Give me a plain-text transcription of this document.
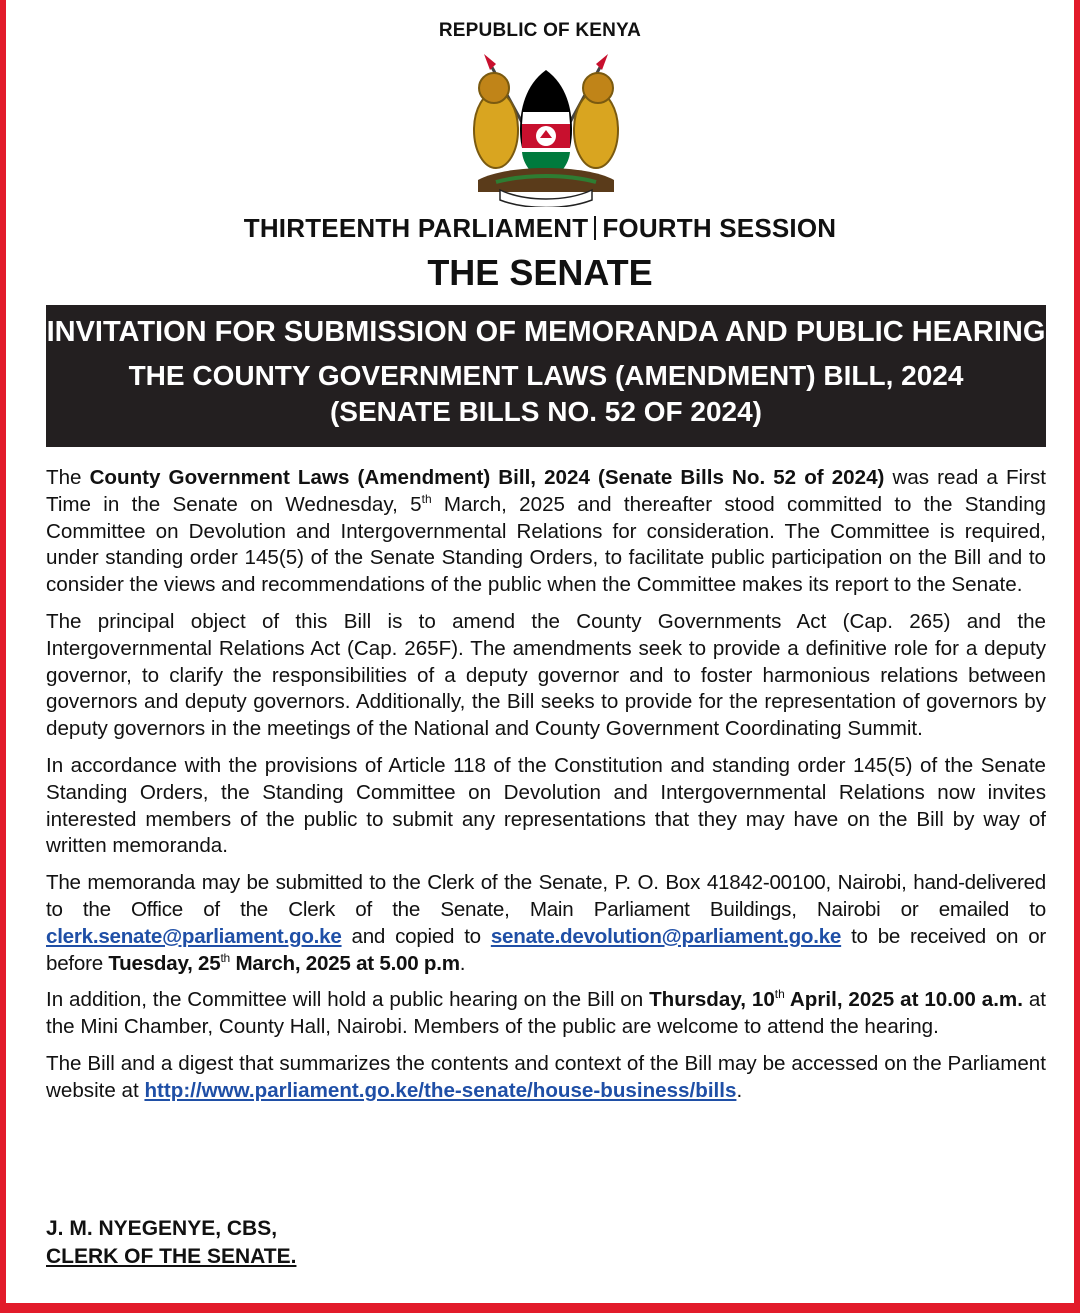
REPUBLIC OF KENYA
THIRTEENTH PARLIAMENT FOURTH SESSION
THE SENATE
INVITATION FOR SUBMISSION OF MEMORANDA AND PUBLIC HEARING
THE COUNTY GOVERNMENT LAWS (AMENDMENT) BILL, 2024
(SENATE BILLS NO. 52 OF 2024)

The County Government Laws (Amendment) Bill, 2024 (Senate Bills No. 52 of 2024) was read a First Time in the Senate on Wednesday, 5th March, 2025 and thereafter stood committed to the Standing Committee on Devolution and Intergovernmental Relations for consideration. The Committee is required, under standing order 145(5) of the Senate Standing Orders, to facilitate public participation on the Bill and to consider the views and recommendations of the public when the Committee makes its report to the Senate.

The principal object of this Bill is to amend the County Governments Act (Cap. 265) and the Intergovernmental Relations Act (Cap. 265F). The amendments seek to provide a definitive role for a deputy governor, to clarify the responsibilities of a deputy governor and to foster harmonious relations between governors and deputy governors. Additionally, the Bill seeks to provide for the representation of governors by deputy governors in the meetings of the National and County Government Coordinating Summit.

In accordance with the provisions of Article 118 of the Constitution and standing order 145(5) of the Senate Standing Orders, the Standing Committee on Devolution and Intergovernmental Relations now invites interested members of the public to submit any representations that they may have on the Bill by way of written memoranda.

The memoranda may be submitted to the Clerk of the Senate, P. O. Box 41842-00100, Nairobi, hand-delivered to the Office of the Clerk of the Senate, Main Parliament Buildings, Nairobi or emailed to clerk.senate@parliament.go.ke and copied to senate.devolution@parliament.go.ke to be received on or before Tuesday, 25th March, 2025 at 5.00 p.m.

In addition, the Committee will hold a public hearing on the Bill on Thursday, 10th April, 2025 at 10.00 a.m. at the Mini Chamber, County Hall, Nairobi. Members of the public are welcome to attend the hearing.

The Bill and a digest that summarizes the contents and context of the Bill may be accessed on the Parliament website at http://www.parliament.go.ke/the-senate/house-business/bills.

J. M. NYEGENYE, CBS,
CLERK OF THE SENATE.
